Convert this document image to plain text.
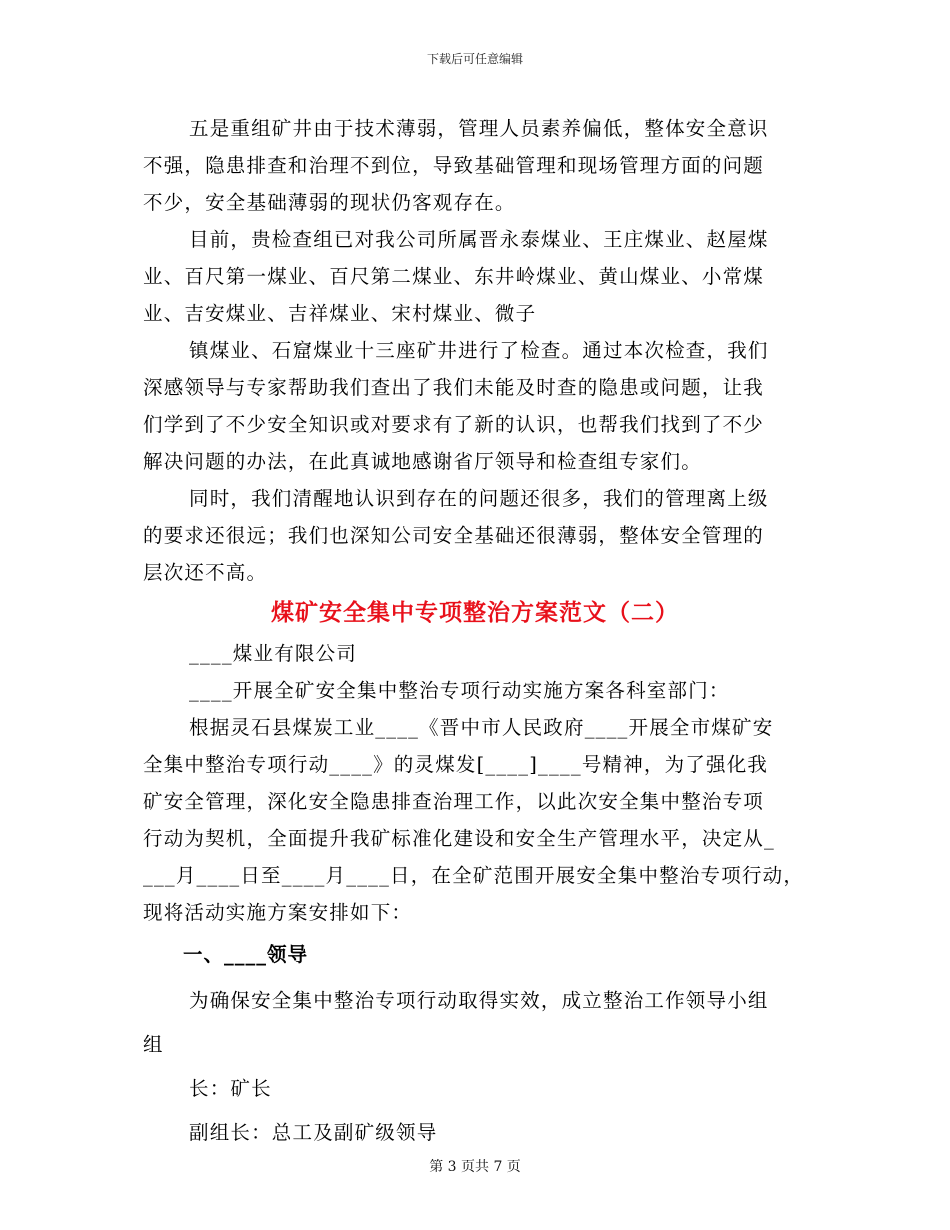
下载后可任意编辑

五是重组矿井由于技术薄弱，管理人员素养偏低，整体安全意识

不强，隐患排查和治理不到位，导致基础管理和现场管理方面的问题

不少，安全基础薄弱的现状仍客观存在。

目前，贵检查组已对我公司所属晋永泰煤业、王庄煤业、赵屋煤

业、百尺第一煤业、百尺第二煤业、东井岭煤业、黄山煤业、小常煤

业、吉安煤业、吉祥煤业、宋村煤业、微子

镇煤业、石窟煤业十三座矿井进行了检查。通过本次检查，我们

深感领导与专家帮助我们查出了我们未能及时查的隐患或问题，让我

们学到了不少安全知识或对要求有了新的认识，也帮我们找到了不少

解决问题的办法，在此真诚地感谢省厅领导和检查组专家们。

同时，我们清醒地认识到存在的问题还很多，我们的管理离上级

的要求还很远；我们也深知公司安全基础还很薄弱，整体安全管理的

层次还不高。

煤矿安全集中专项整治方案范文（二）

____煤业有限公司

____开展全矿安全集中整治专项行动实施方案各科室部门：

根据灵石县煤炭工业____《晋中市人民政府____开展全市煤矿安

全集中整治专项行动____》的灵煤发[____]____号精神，为了强化我

矿安全管理，深化安全隐患排查治理工作，以此次安全集中整治专项

行动为契机，全面提升我矿标准化建设和安全生产管理水平，决定从_

___月____日至____月____日，在全矿范围开展安全集中整治专项行动，

现将活动实施方案安排如下：

一、____领导

为确保安全集中整治专项行动取得实效，成立整治工作领导小组

组

长：矿长

副组长：总工及副矿级领导

第 3 页共 7 页
